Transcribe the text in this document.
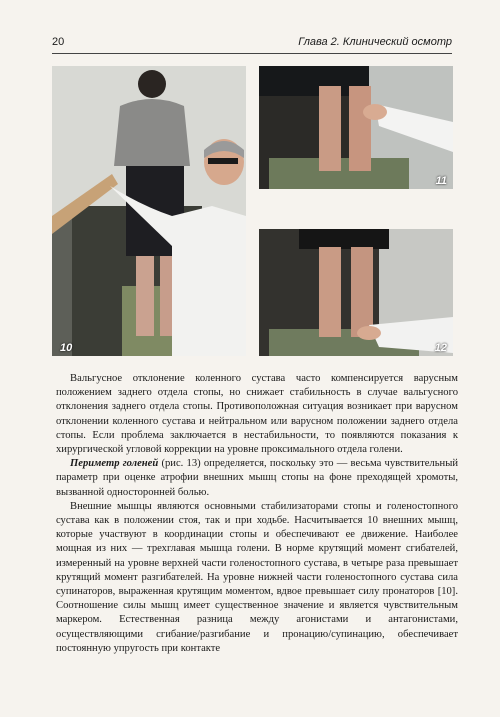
20	Глава 2. Клинический осмотр
10
11
12

Вальгусное отклонение коленного сустава часто компенсируется варусным положением заднего отдела стопы, но снижает стабильность в случае вальгусного отклонения заднего отдела стопы. Противоположная ситуация возникает при варусном отклонении коленного сустава и нейтральном или варусном положении заднего отдела стопы. Если проблема заключается в нестабильности, то появляются показания к хирургической угловой коррекции на уровне проксимального отдела голени.

Периметр голеней (рис. 13) определяется, поскольку это — весьма чувствительный параметр при оценке атрофии внешних мышц стопы на фоне преходящей хромоты, вызванной односторонней болью.

Внешние мышцы являются основными стабилизаторами стопы и голеностопного сустава как в положении стоя, так и при ходьбе. Насчитывается 10 внешних мышц, которые участвуют в координации стопы и обеспечивают ее движение. Наиболее мощная из них — трехглавая мышца голени. В норме крутящий момент сгибателей, измеренный на уровне верхней части голеностопного сустава, в четыре раза превышает крутящий момент разгибателей. На уровне нижней части голеностопного сустава сила супинаторов, выраженная крутящим моментом, вдвое превышает силу пронаторов [10]. Соотношение силы мышц имеет существенное значение и является чувствительным маркером. Естественная разница между агонистами и антагонистами, осуществляющими сгибание/разгибание и пронацию/супинацию, обеспечивает постоянную упругость при контакте
